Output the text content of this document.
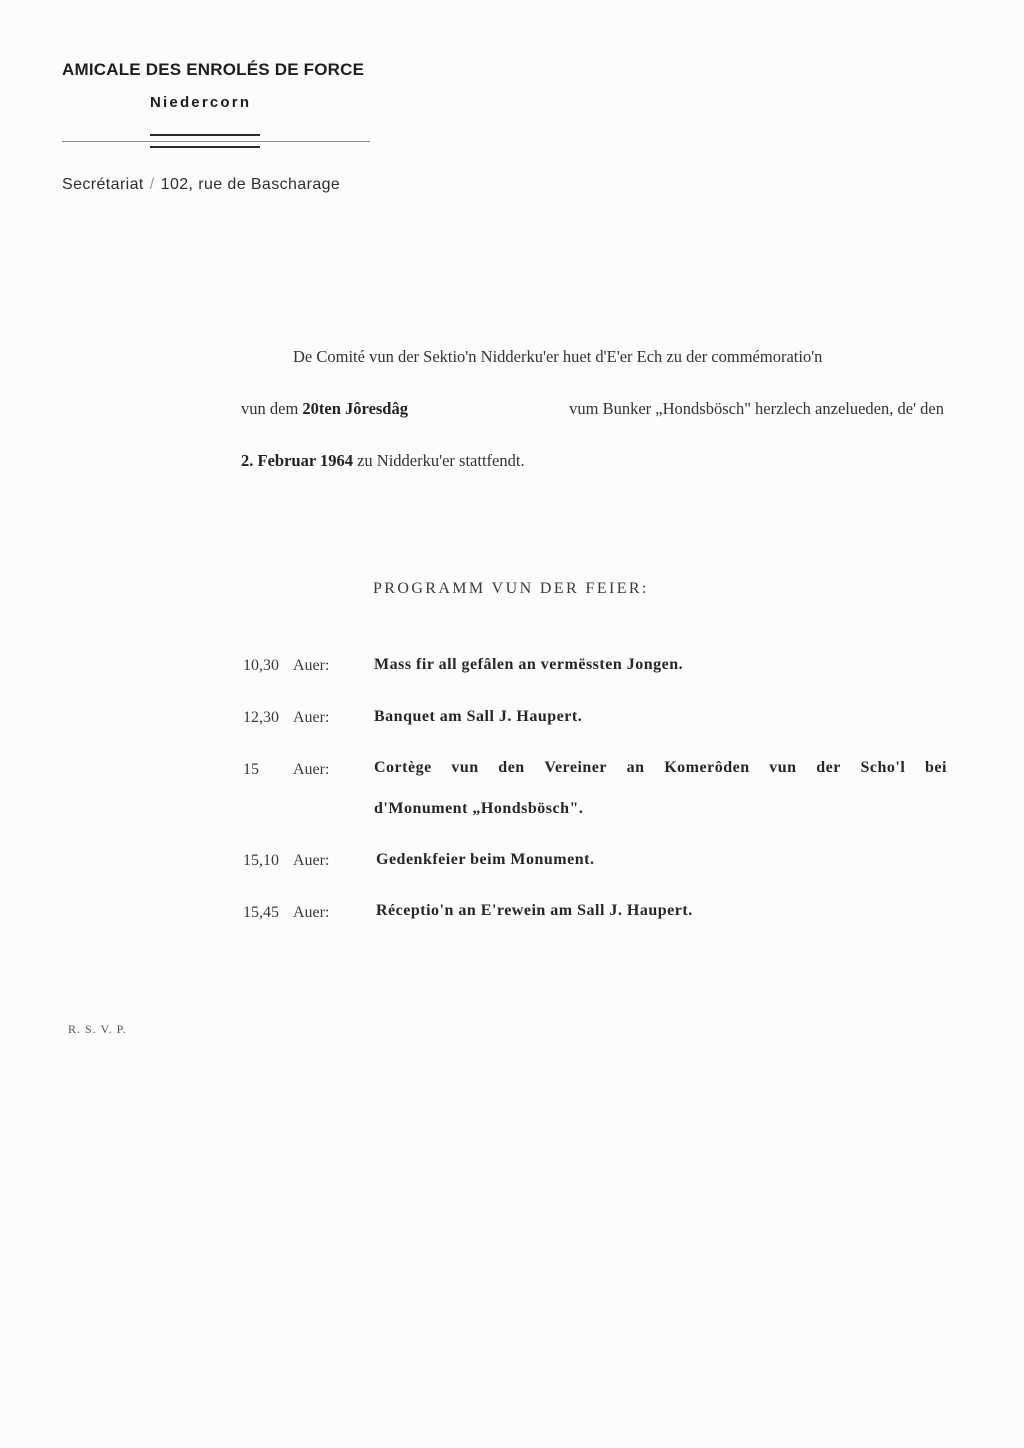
AMICALE DES ENROLÉS DE FORCE
Niedercorn
Secrétariat / 102, rue de Bascharage
De Comité vun der Sektio'n Nidderku'er huet d'E'er Ech zu der commémoratio'n
vun dem 20ten Jôresdâg	vum Bunker „Hondsbösch" herzlech anzelueden, de' den
2. Februar 1964 zu Nidderku'er stattfendt.
PROGRAMM VUN DER FEIER:
10,30 Auer:	Mass fir all gefâlen an vermëssten Jongen.
12,30 Auer:	Banquet am Sall J. Haupert.
15 Auer:	Cortège vun den Vereiner an Komerôden vun der Scho'l bei
d'Monument „Hondsbösch".
15,10 Auer:	Gedenkfeier beim Monument.
15,45 Auer:	Réceptio'n an E'rewein am Sall J. Haupert.
R. S. V. P.
